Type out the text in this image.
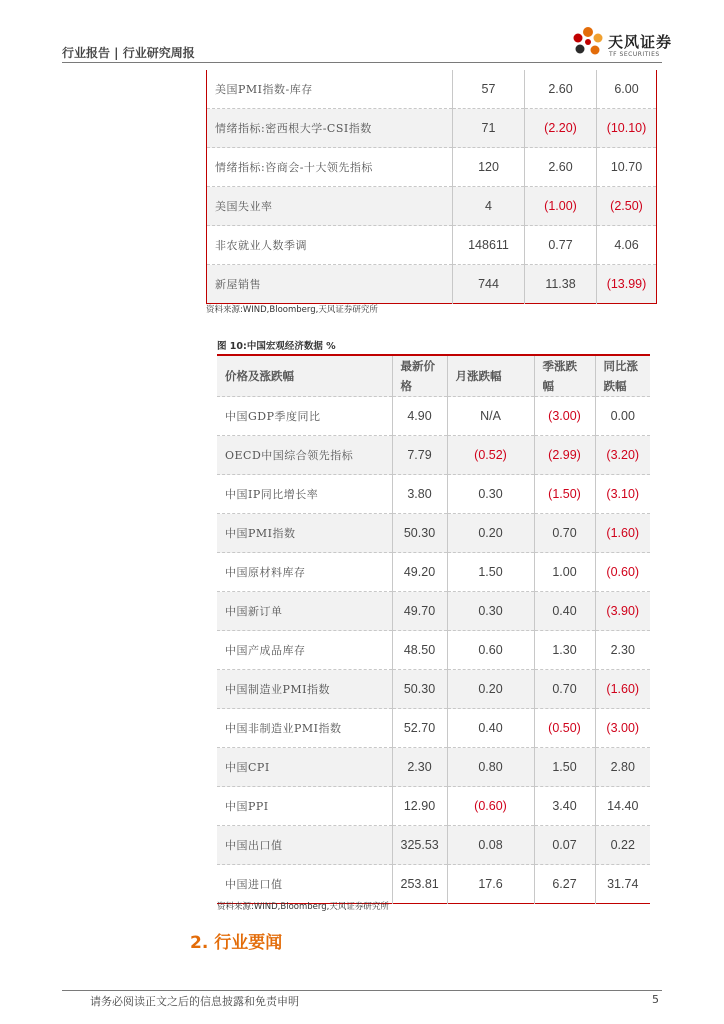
行业报告 | 行业研究周报
天风证券
TF SECURITIES
美国PMI指数-库存	57	2.60	6.00
情绪指标:密西根大学-CSI指数	71	(2.20)	(10.10)
情绪指标:咨商会-十大领先指标	120	2.60	10.70
美国失业率	4	(1.00)	(2.50)
非农就业人数季调	148611	0.77	4.06
新屋销售	744	11.38	(13.99)
资料来源:WIND,Bloomberg,天风证券研究所
图 10:中国宏观经济数据 %
价格及涨跌幅	最新价格	月涨跌幅	季涨跌幅	同比涨跌幅
中国GDP季度同比	4.90	N/A	(3.00)	0.00
OECD中国综合领先指标	7.79	(0.52)	(2.99)	(3.20)
中国IP同比增长率	3.80	0.30	(1.50)	(3.10)
中国PMI指数	50.30	0.20	0.70	(1.60)
中国原材料库存	49.20	1.50	1.00	(0.60)
中国新订单	49.70	0.30	0.40	(3.90)
中国产成品库存	48.50	0.60	1.30	2.30
中国制造业PMI指数	50.30	0.20	0.70	(1.60)
中国非制造业PMI指数	52.70	0.40	(0.50)	(3.00)
中国CPI	2.30	0.80	1.50	2.80
中国PPI	12.90	(0.60)	3.40	14.40
中国出口值	325.53	0.08	0.07	0.22
中国进口值	253.81	17.6	6.27	31.74
资料来源:WIND,Bloomberg,天风证券研究所
2. 行业要闻
请务必阅读正文之后的信息披露和免责申明	5
